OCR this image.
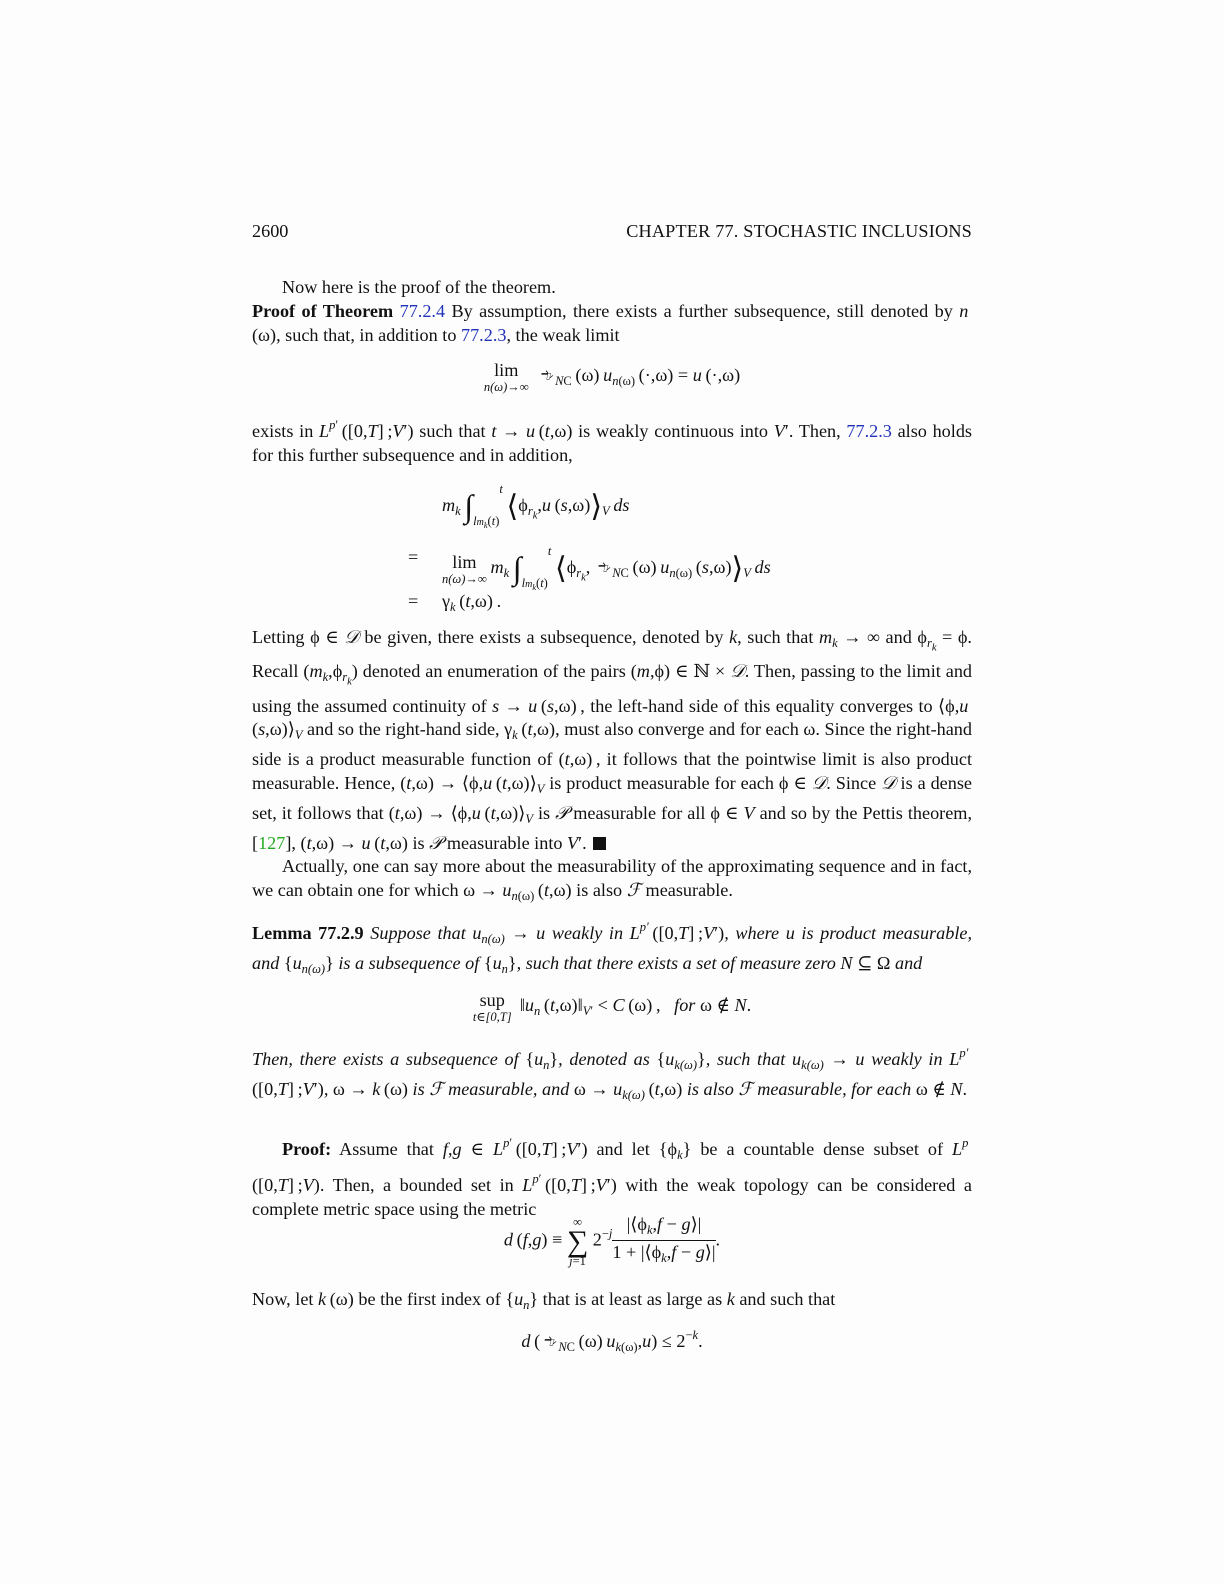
2600	CHAPTER 77. STOCHASTIC INCLUSIONS

Now here is the proof of the theorem.

Proof of Theorem 77.2.4 By assumption, there exists a further subsequence, still denoted by n (ω), such that, in addition to 77.2.3, the weak limit

lim
n(ω)→∞
 $𝢛_{NC}$ (ω) $u_{n(\omega)}$ (·,ω) = u (·,ω)

exists in $L^{p'}$ ([0,T] ;V′) such that t → u (t,ω) is weakly continuous into V′. Then, 77.2.3 also holds for this further subsequence and in addition,

$m_k$  $\int_{lm_k(t)}^t$ $⟨\phi_{r_k},u$ $(s,\omega)⟩_V$  ds
=	lim
n(ω)→∞
 $m_k$  $\int_{lm_k(t)}^t$ $⟨\phi_{r_k}$, $𝢛_{NC}$ (ω) $u_{n(\omega)}$ $(s,\omega)⟩_V$  ds
= $\gamma_k$ (t,ω) .

Letting ϕ ∈ 𝒟 be given, there exists a subsequence, denoted by k, such that $m_k$ → ∞ and $\phi_{r_k} = \phi$. Recall $(m_k,\phi_{r_k})$ denoted an enumeration of the pairs (m,ϕ) ∈ ℕ × 𝒟. Then, passing to the limit and using the assumed continuity of s → u (s,ω) , the left-hand side of this equality converges to ⟨ϕ,u $(s,\omega)⟩_V$ and so the right-hand side, $\gamma_k$ (t,ω), must also converge and for each ω. Since the right-hand side is a product measurable function of (t,ω) , it follows that the pointwise limit is also product measurable. Hence, (t,ω) → ⟨ϕ,u $(t,\omega)⟩_V$ is product measurable for each ϕ ∈ 𝒟. Since 𝒟 is a dense set, it follows that (t,ω) → ⟨ϕ,u $(t,\omega)⟩_V$ is 𝒫 measurable for all ϕ ∈ V and so by the Pettis theorem, [127], (t,ω) → u (t,ω) is 𝒫 measurable into V′.

Actually, one can say more about the measurability of the approximating sequence and in fact, we can obtain one for which $\omega \to u_{n(\omega)}$ (t,ω) is also ℱ measurable.

Lemma 77.2.9 Suppose that $u_{n(\omega)} \to u$ weakly in $L^{p'}$ ([0,T] ;V′), where u is product measurable, and $\{u_{n(\omega)}\}$ is a subsequence of $\{u_n\}$, such that there exists a set of measure zero N ⊆ Ω and

sup
t∈[0,T]
  $‖u_n$ $(t,\omega)‖_{V'} < C$ (ω) ,   for ω ∉ N.

Then, there exists a subsequence of $\{u_n\}$, denoted as $\{u_{k(\omega)}\}$, such that $u_{k(\omega)} \to u$ weakly in $L^{p'}$ ([0,T] ;V′), ω → k (ω) is ℱ measurable, and $\omega \to u_{k(\omega)}$ (t,ω) is also ℱ measurable, for each ω ∉ N.

Proof: Assume that f,g ∈ $L^{p'}$ ([0,T] ;V′) and let $\{\phi_k\}$ be a countable dense subset of $L^p$ ([0,T] ;V). Then, a bounded set in $L^{p'}$ ([0,T] ;V′) with the weak topology can be considered a complete metric space using the metric

d (f,g) ≡
∞
∑
j=1
$2^{-j} \frac{|⟨\phi_k,f - g⟩|}{1 + |⟨\phi_k,f - g⟩|}$ .

Now, let k (ω) be the first index of $\{u_n\}$ that is at least as large as k and such that

d ($𝢛_{NC}$ (ω) $u_{k(\omega)},u) \le 2^{-k}$.
